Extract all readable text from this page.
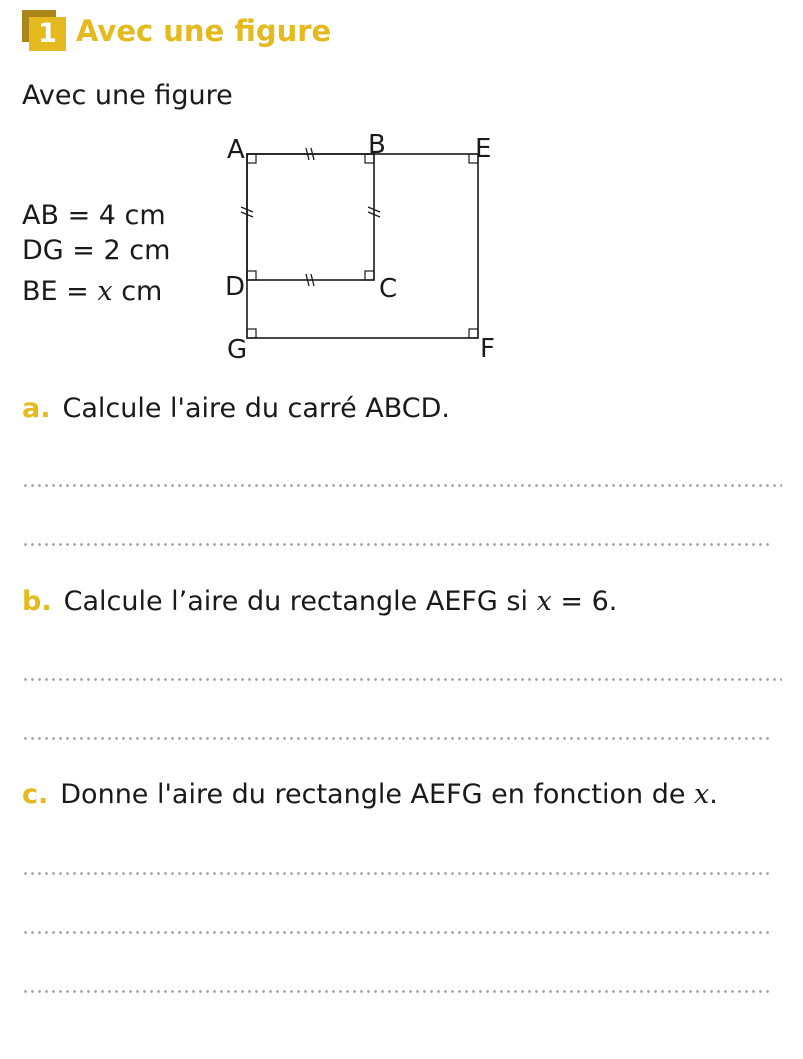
1 Avec une figure
Avec une figure
AB = 4 cm
DG = 2 cm
BE = x cm
A	B	E
D	C
G	F
a. Calcule l'aire du carré ABCD.
b. Calcule l’aire du rectangle AEFG si x = 6.
c. Donne l'aire du rectangle AEFG en fonction de x.
